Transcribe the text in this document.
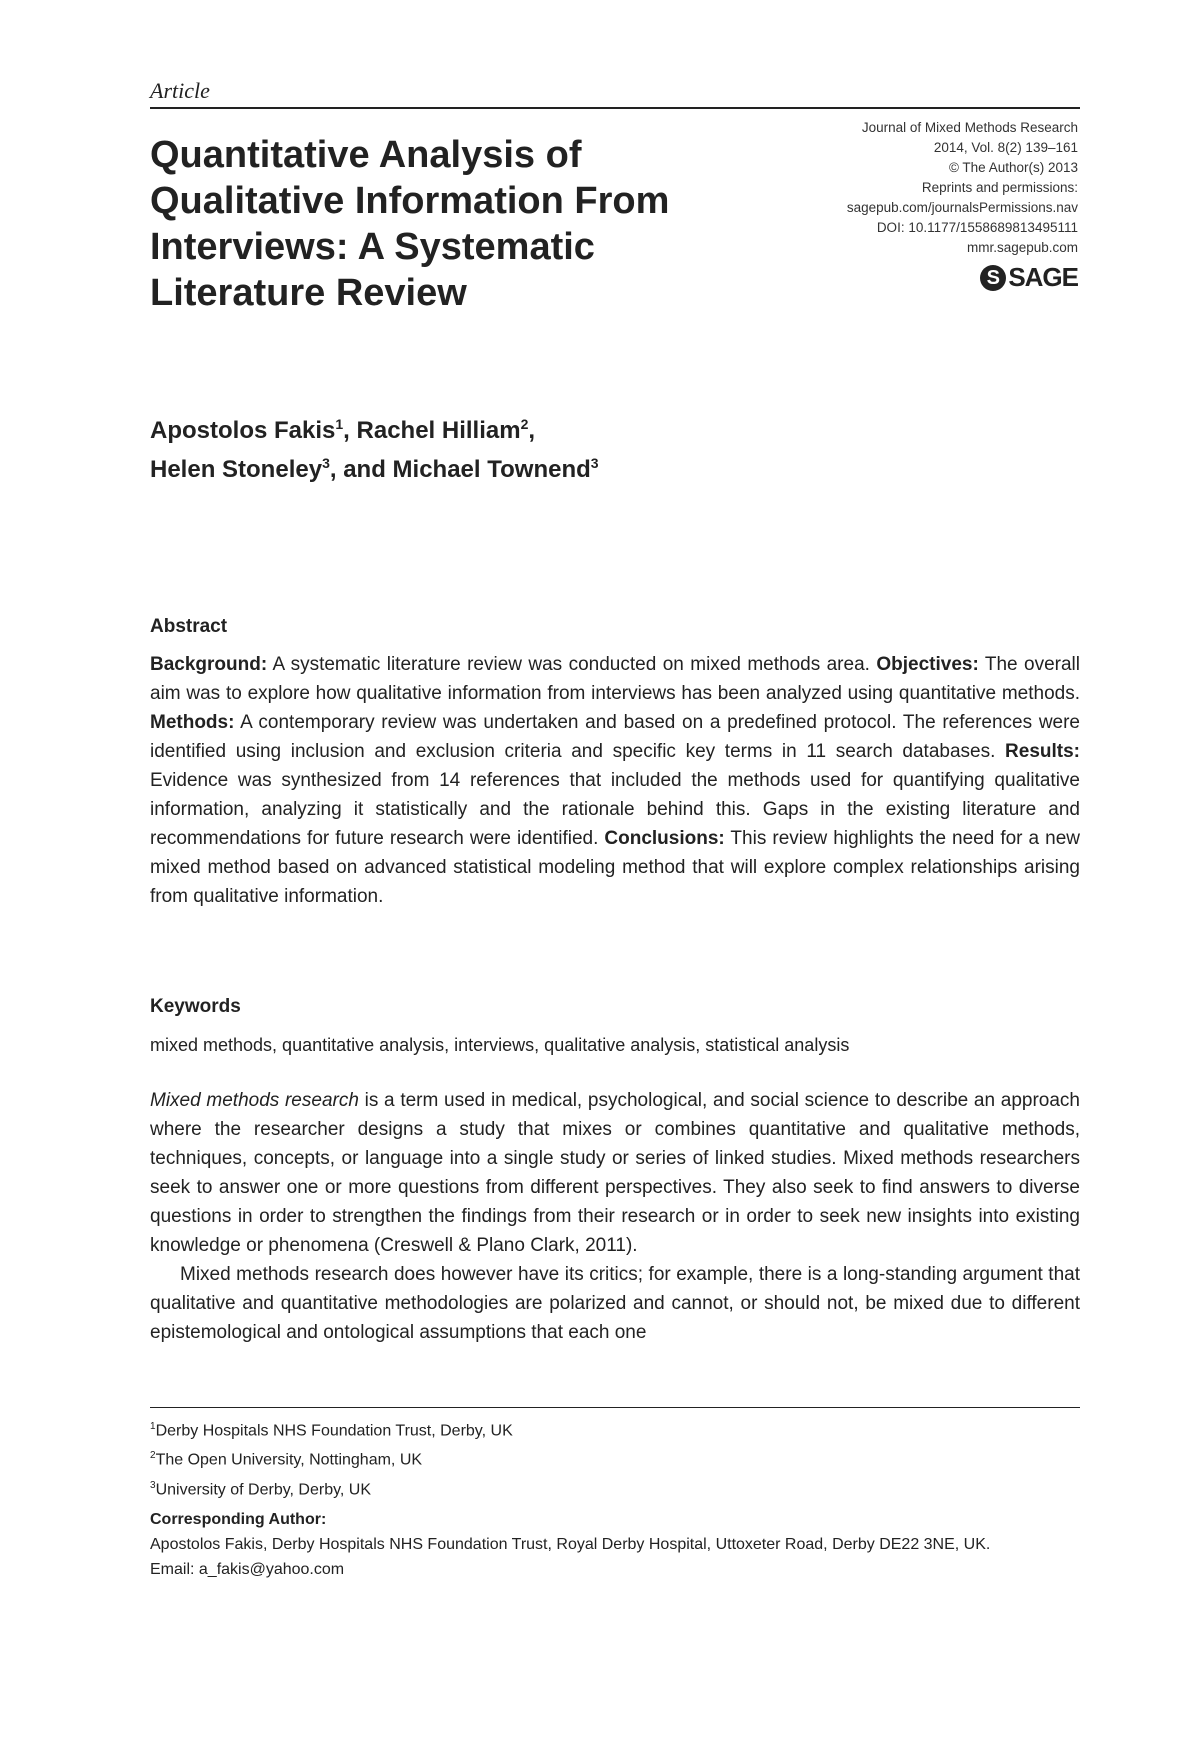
Article
Quantitative Analysis of
Qualitative Information From
Interviews: A Systematic
Literature Review
Journal of Mixed Methods Research
2014, Vol. 8(2) 139–161
© The Author(s) 2013
Reprints and permissions:
sagepub.com/journalsPermissions.nav
DOI: 10.1177/1558689813495111
mmr.sagepub.com
S SAGE
Apostolos Fakis$^1$, Rachel Hilliam$^2$,
Helen Stoneley$^3$, and Michael Townend$^3$
Abstract
Background: A systematic literature review was conducted on mixed methods area. Objectives: The overall aim was to explore how qualitative information from interviews has been analyzed using quantitative methods. Methods: A contemporary review was undertaken and based on a predefined protocol. The references were identified using inclusion and exclusion criteria and specific key terms in 11 search databases. Results: Evidence was synthesized from 14 references that included the methods used for quantifying qualitative information, analyzing it statistically and the rationale behind this. Gaps in the existing literature and recommendations for future research were identified. Conclusions: This review highlights the need for a new mixed method based on advanced statistical modeling method that will explore complex relationships arising from qualitative information.
Keywords
mixed methods, quantitative analysis, interviews, qualitative analysis, statistical analysis

Mixed methods research is a term used in medical, psychological, and social science to describe an approach where the researcher designs a study that mixes or combines quantitative and qualitative methods, techniques, concepts, or language into a single study or series of linked studies. Mixed methods researchers seek to answer one or more questions from different perspectives. They also seek to find answers to diverse questions in order to strengthen the findings from their research or in order to seek new insights into existing knowledge or phenomena (Creswell & Plano Clark, 2011).

Mixed methods research does however have its critics; for example, there is a long-standing argument that qualitative and quantitative methodologies are polarized and cannot, or should not, be mixed due to different epistemological and ontological assumptions that each one

$^1$Derby Hospitals NHS Foundation Trust, Derby, UK
$^2$The Open University, Nottingham, UK
$^3$University of Derby, Derby, UK
Corresponding Author:
Apostolos Fakis, Derby Hospitals NHS Foundation Trust, Royal Derby Hospital, Uttoxeter Road, Derby DE22 3NE, UK.
Email: a_fakis@yahoo.com
